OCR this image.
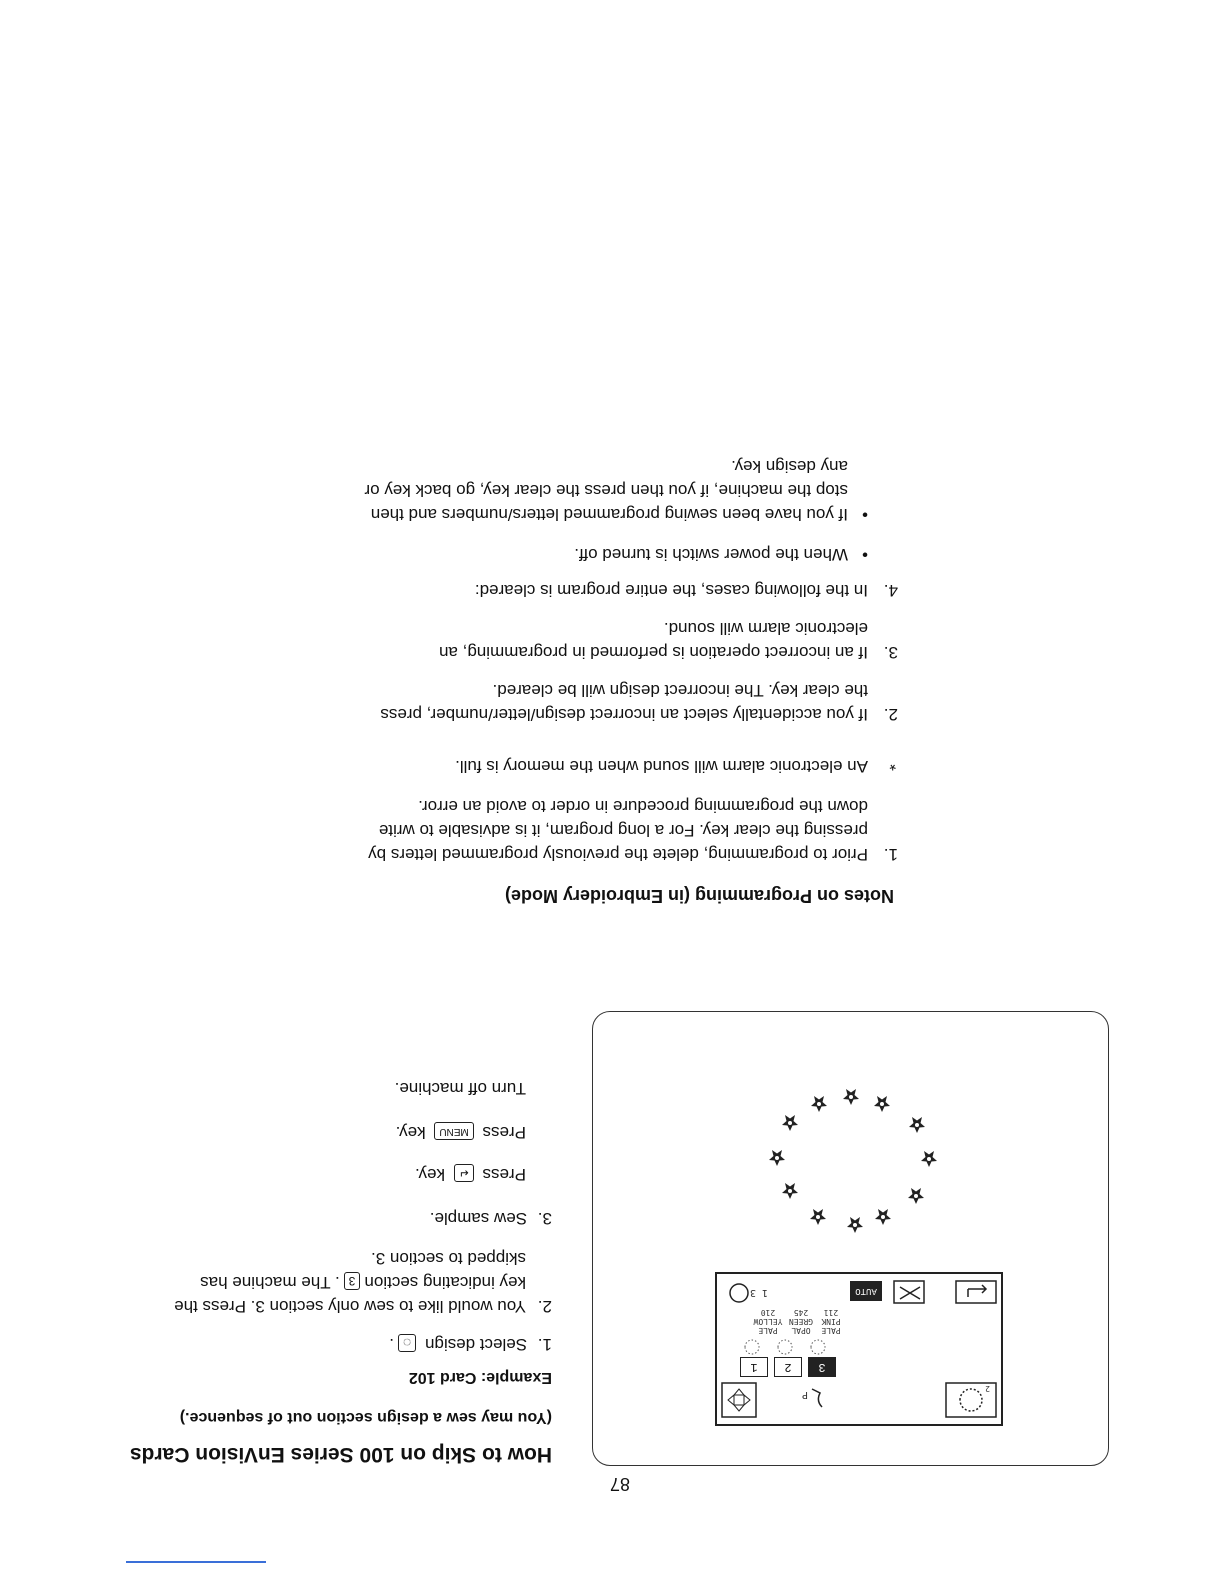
87
Notes on Programming (in Embroidery Mode)
1.
Prior to programming, delete the previously programmed letters by
pressing the clear key. For a long program, it is advisable to write
down the programming procedure in order to avoid an error.
*
An electronic alarm will sound when the memory is full.
2.
If you accidentally select an incorrect design/letter/number, press
the clear key. The incorrect design will be cleared.
3.
If an incorrect operation is performed in programming, an
electronic alarm will sound.
4.
In the following cases, the entire program is cleared:
•
When the power switch is turned off.
•
If you have been sewing programmed letters/numbers and then
stop the machine, if you then press the clear key, go back key or
any design key.
How to Skip on 100 Series EnVision Cards
(You may sew a design section out of sequence.)
Example: Card 102
1. Select design ◌.
2.
You would like to sew only section 3. Press the
key indicating section3. The machine has
skipped to section 3.
3. Sew sample.
Press ↵ key.
Press MENU key.
Turn off machine.
1	2	3
AUTO
PALE
YELLOW
210
OPAL
GREEN
245
PALE
PINK
211
1 3
2
P
